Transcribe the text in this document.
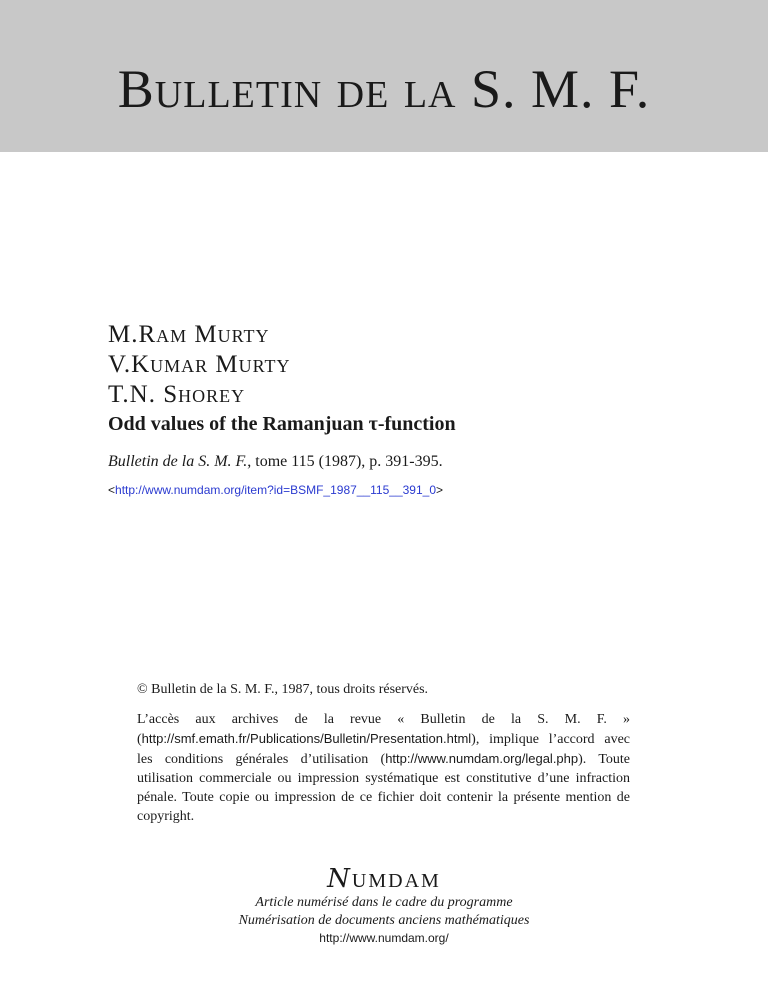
Bulletin de la S. M. F.
M.Ram Murty
V.Kumar Murty
T.N. Shorey
Odd values of the Ramanjuan τ-function
Bulletin de la S. M. F., tome 115 (1987), p. 391-395.
<http://www.numdam.org/item?id=BSMF_1987__115__391_0>
© Bulletin de la S. M. F., 1987, tous droits réservés.
L’accès aux archives de la revue « Bulletin de la S. M. F. » (http://smf.emath.fr/Publications/Bulletin/Presentation.html), implique l’accord avec les conditions générales d’utilisation (http://www.numdam.org/legal.php). Toute utilisation commerciale ou impression systématique est constitutive d’une infraction pénale. Toute copie ou impression de ce fichier doit contenir la présente mention de copyright.
NUMDAM
Article numérisé dans le cadre du programme
Numérisation de documents anciens mathématiques
http://www.numdam.org/
